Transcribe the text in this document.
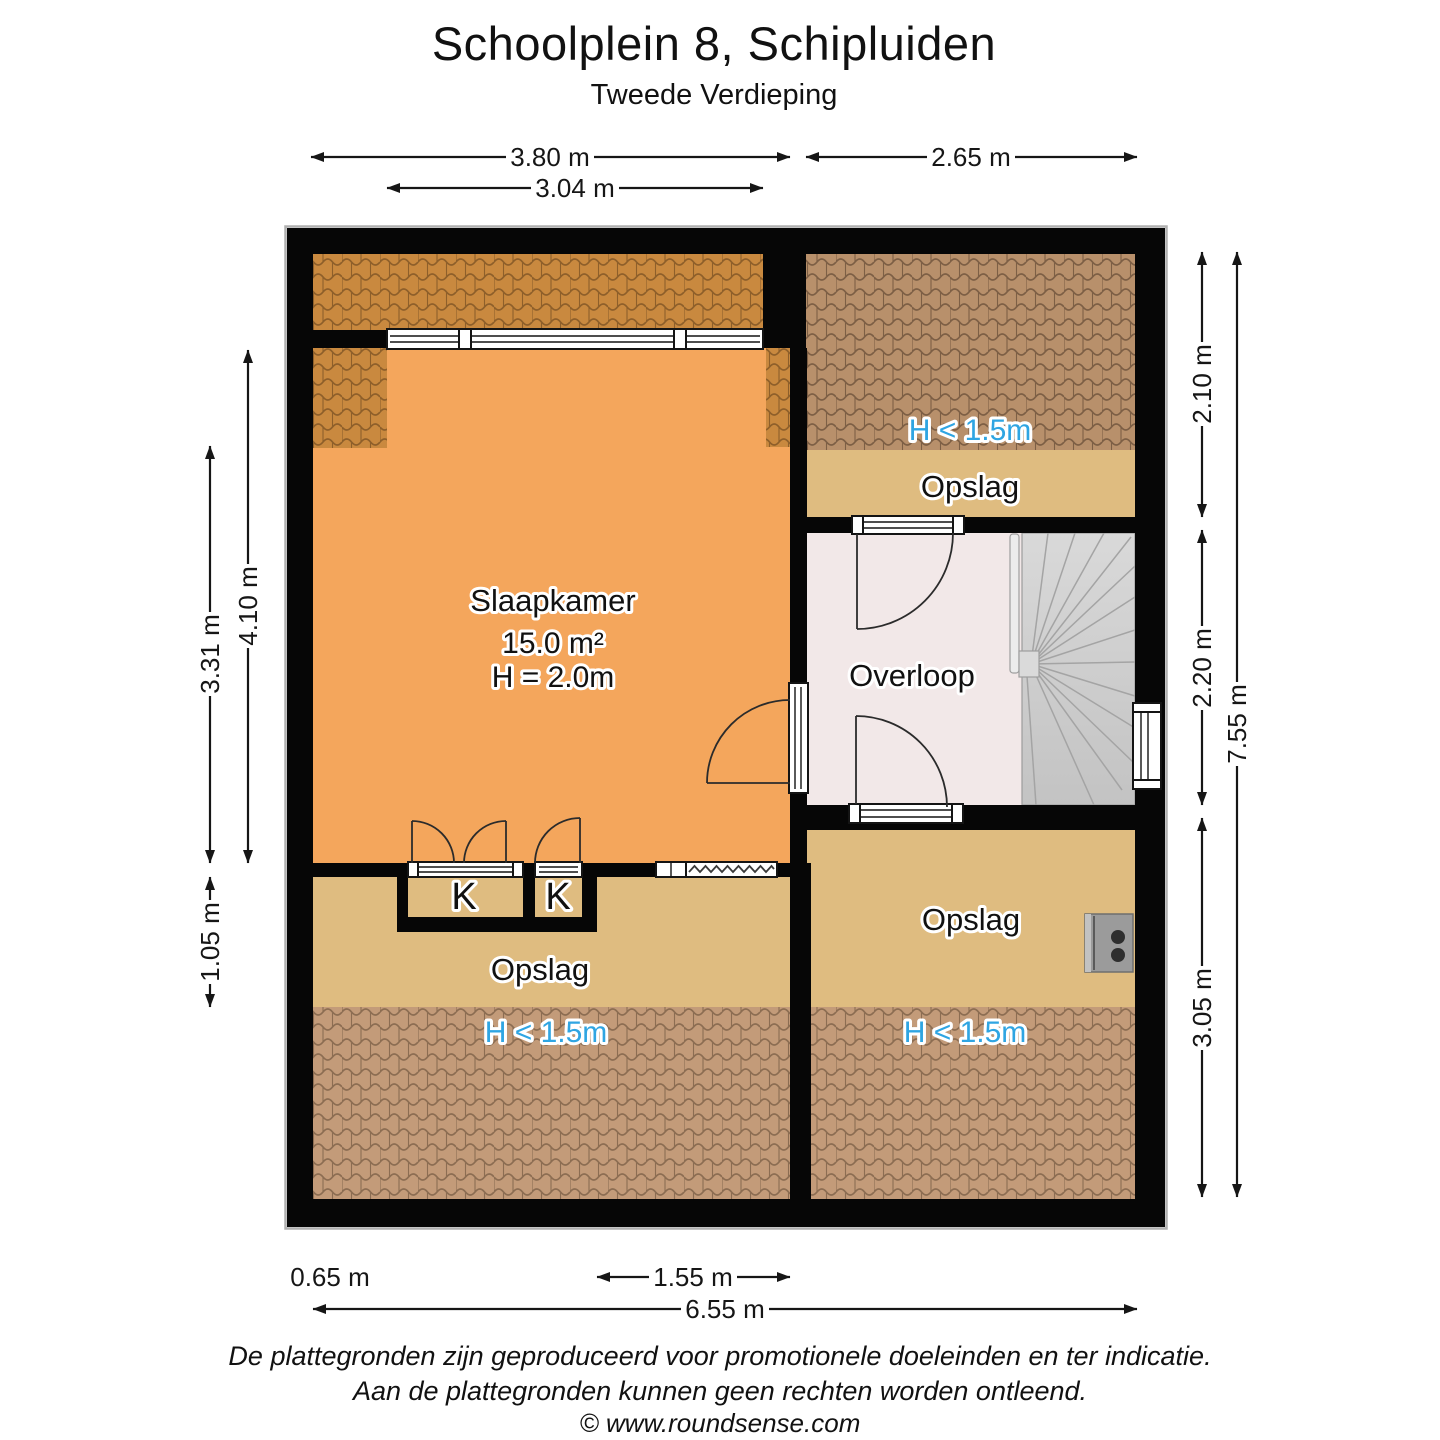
Schoolplein 8, Schipluiden
Tweede Verdieping
Slaapkamer
15.0 m²
H = 2.0m	Overloop
H < 1.5m
Opslag
Opslag
H < 1.5m
Opslag
H < 1.5m
K K
3.80 m	2.65 m
3.04 m
4.10 m
3.31 m
1.05 m
2.10 m
2.20 m
3.05 m
7.55 m
0.65 m	1.55 m
6.55 m
De plattegronden zijn geproduceerd voor promotionele doeleinden en ter indicatie.
Aan de plattegronden kunnen geen rechten worden ontleend.
© www.roundsense.com
